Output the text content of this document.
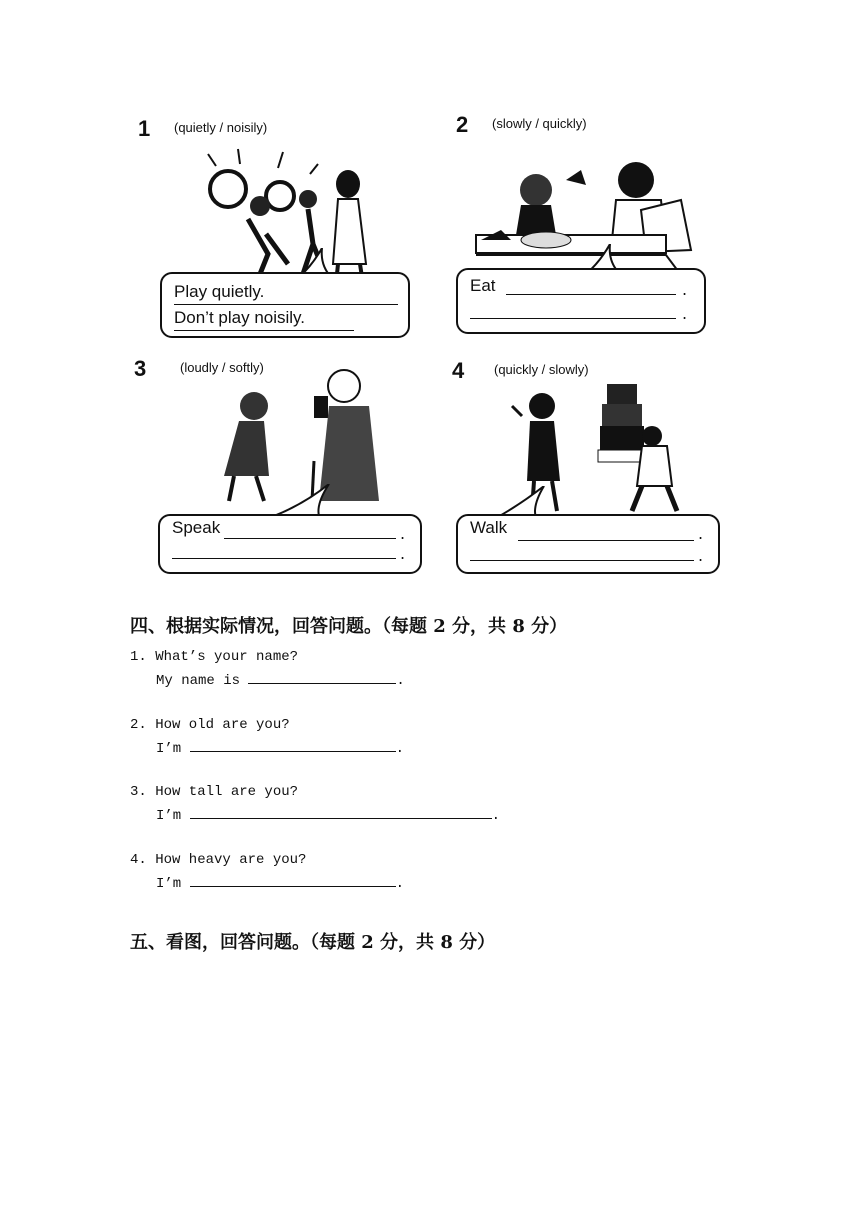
1 (quietly / noisily)
Play quietly.
Don’t play noisily.
2 (slowly / quickly)
Eat	.
.
3	(loudly / softly)
Speak	.
.
4 (quickly / slowly)
Walk	.
.
四、根据实际情况，回答问题。（每题 2 分，共 8 分）
1. What’s your name?
My name is	.
2. How old are you?
I’m	.
3. How tall are you?
I’m	.
4. How heavy are you?
I’m	.
五、看图，回答问题。（每题 2 分，共 8 分）
